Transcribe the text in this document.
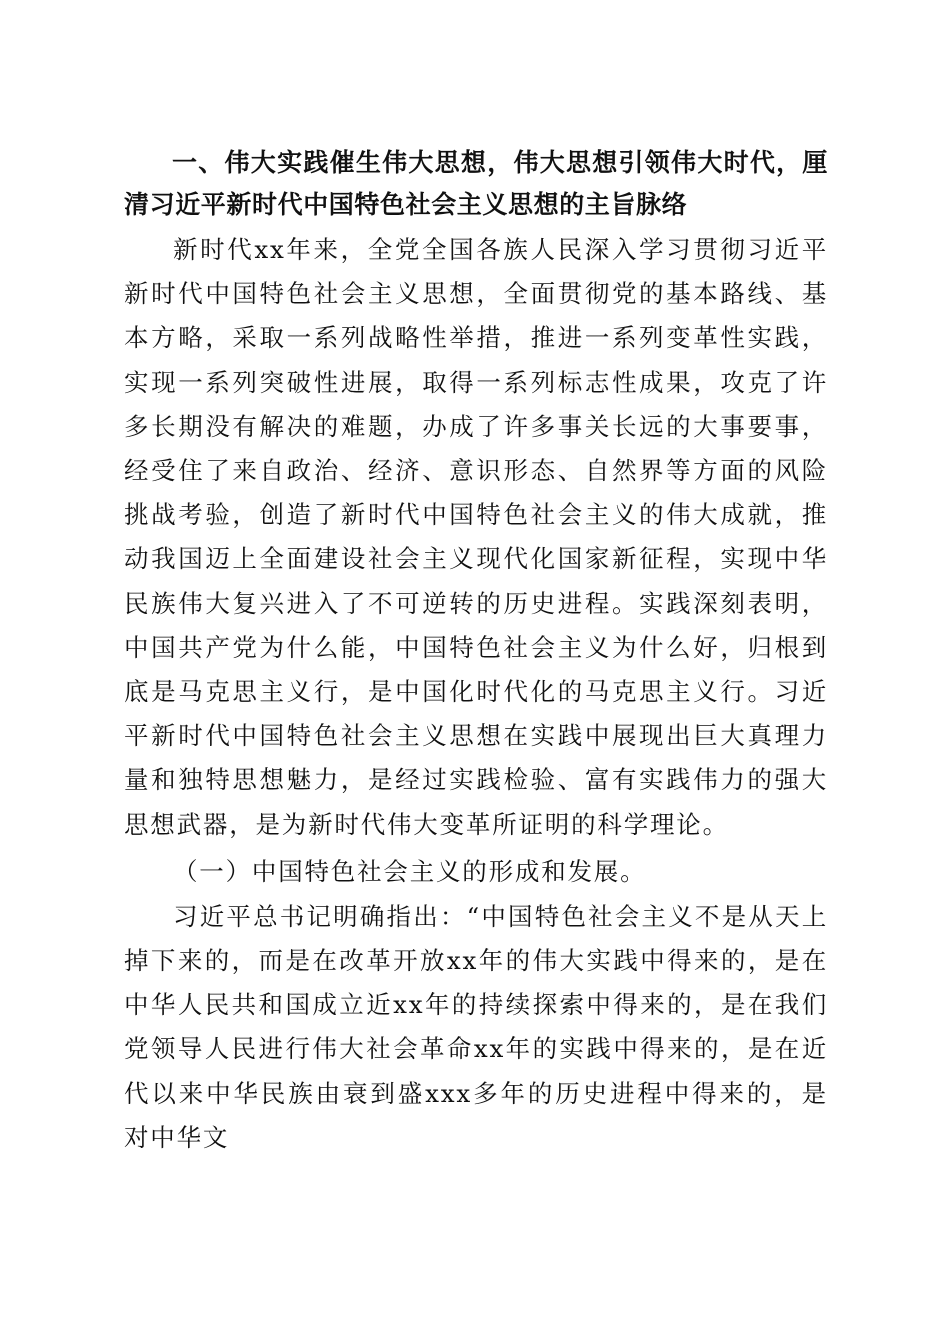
一、伟大实践催生伟大思想，伟大思想引领伟大时代，厘清习近平新时代中国特色社会主义思想的主旨脉络

新时代xx年来，全党全国各族人民深入学习贯彻习近平新时代中国特色社会主义思想，全面贯彻党的基本路线、基本方略，采取一系列战略性举措，推进一系列变革性实践，实现一系列突破性进展，取得一系列标志性成果，攻克了许多长期没有解决的难题，办成了许多事关长远的大事要事，经受住了来自政治、经济、意识形态、自然界等方面的风险挑战考验，创造了新时代中国特色社会主义的伟大成就，推动我国迈上全面建设社会主义现代化国家新征程，实现中华民族伟大复兴进入了不可逆转的历史进程。实践深刻表明，中国共产党为什么能，中国特色社会主义为什么好，归根到底是马克思主义行，是中国化时代化的马克思主义行。习近平新时代中国特色社会主义思想在实践中展现出巨大真理力量和独特思想魅力，是经过实践检验、富有实践伟力的强大思想武器，是为新时代伟大变革所证明的科学理论。

（一）中国特色社会主义的形成和发展。

习近平总书记明确指出：“中国特色社会主义不是从天上掉下来的，而是在改革开放xx年的伟大实践中得来的，是在中华人民共和国成立近xx年的持续探索中得来的，是在我们党领导人民进行伟大社会革命xx年的实践中得来的，是在近代以来中华民族由衰到盛xxx多年的历史进程中得来的，是对中华文
